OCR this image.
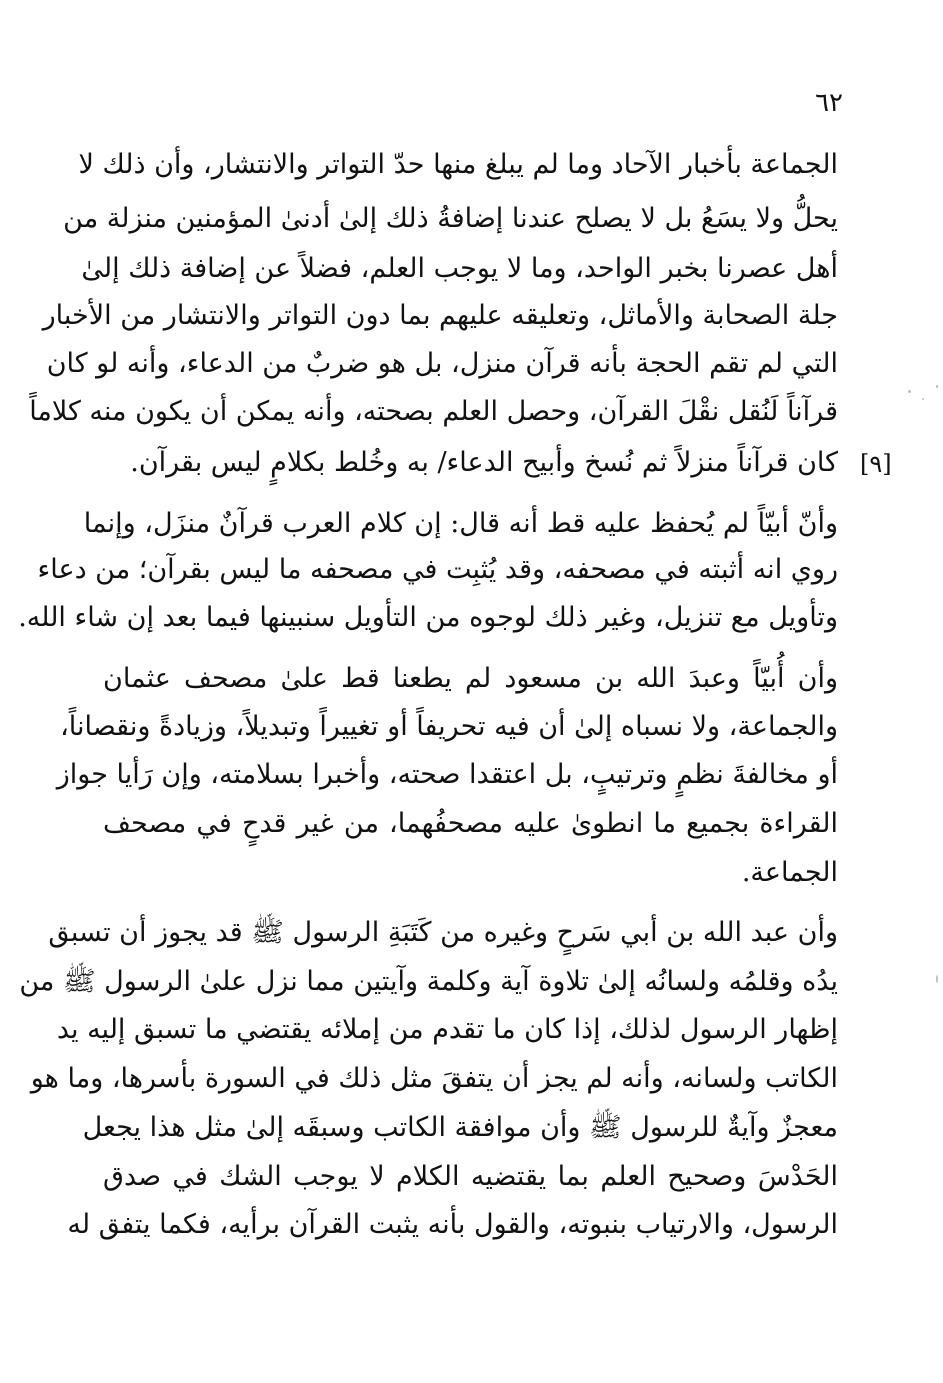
٦٢
[٩]
الجماعة بأخبار الآحاد وما لم يبلغ منها حدّ التواتر والانتشار، وأن ذلك لا
يحلُّ ولا يسَعُ بل لا يصلح عندنا إضافةُ ذلك إلىٰ أدنىٰ المؤمنين منزلة من
أهل عصرنا بخبر الواحد، وما لا يوجب العلم، فضلاً عن إضافة ذلك إلىٰ
جلة الصحابة والأماثل، وتعليقه عليهم بما دون التواتر والانتشار من الأخبار
التي لم تقم الحجة بأنه قرآن منزل، بل هو ضربٌ من الدعاء، وأنه لو كان
قرآناً لَنُقل نقْلَ القرآن، وحصل العلم بصحته، وأنه يمكن أن يكون منه كلاماً
كان قرآناً منزلاً ثم نُسخ وأبيح الدعاء/ به وخُلط بكلامٍ ليس بقرآن.
وأنّ أبيّاً لم يُحفظ عليه قط أنه قال: إن كلام العرب قرآنٌ منزَل، وإنما
روي انه أثبته في مصحفه، وقد يُثبِت في مصحفه ما ليس بقرآن؛ من دعاء
وتأويل مع تنزيل، وغير ذلك لوجوه من التأويل سنبينها فيما بعد إن شاء الله.
وأن أُبيّاً وعبدَ الله بن مسعود لم يطعنا قط علىٰ مصحف عثمان
والجماعة، ولا نسباه إلىٰ أن فيه تحريفاً أو تغييراً وتبديلاً، وزيادةً ونقصاناً،
أو مخالفةَ نظمٍ وترتيبٍ، بل اعتقدا صحته، وأخبرا بسلامته، وإن رَأيا جواز
القراءة بجميع ما انطوىٰ عليه مصحفُهما، من غير قدحٍ في مصحف
الجماعة.
وأن عبد الله بن أبي سَرحٍ وغيره من كَتَبَةِ الرسول ﷺ قد يجوز أن تسبق
يدُه وقلمُه ولسانُه إلىٰ تلاوة آية وكلمة وآيتين مما نزل علىٰ الرسول ﷺ من
إظهار الرسول لذلك، إذا كان ما تقدم من إملائه يقتضي ما تسبق إليه يد
الكاتب ولسانه، وأنه لم يجز أن يتفقَ مثل ذلك في السورة بأسرها، وما هو
معجزٌ وآيةٌ للرسول ﷺ وأن موافقة الكاتب وسبقَه إلىٰ مثل هذا يجعل
الحَدْسَ وصحيح العلم بما يقتضيه الكلام لا يوجب الشك في صدق
الرسول، والارتياب بنبوته، والقول بأنه يثبت القرآن برأيه، فكما يتفق له
